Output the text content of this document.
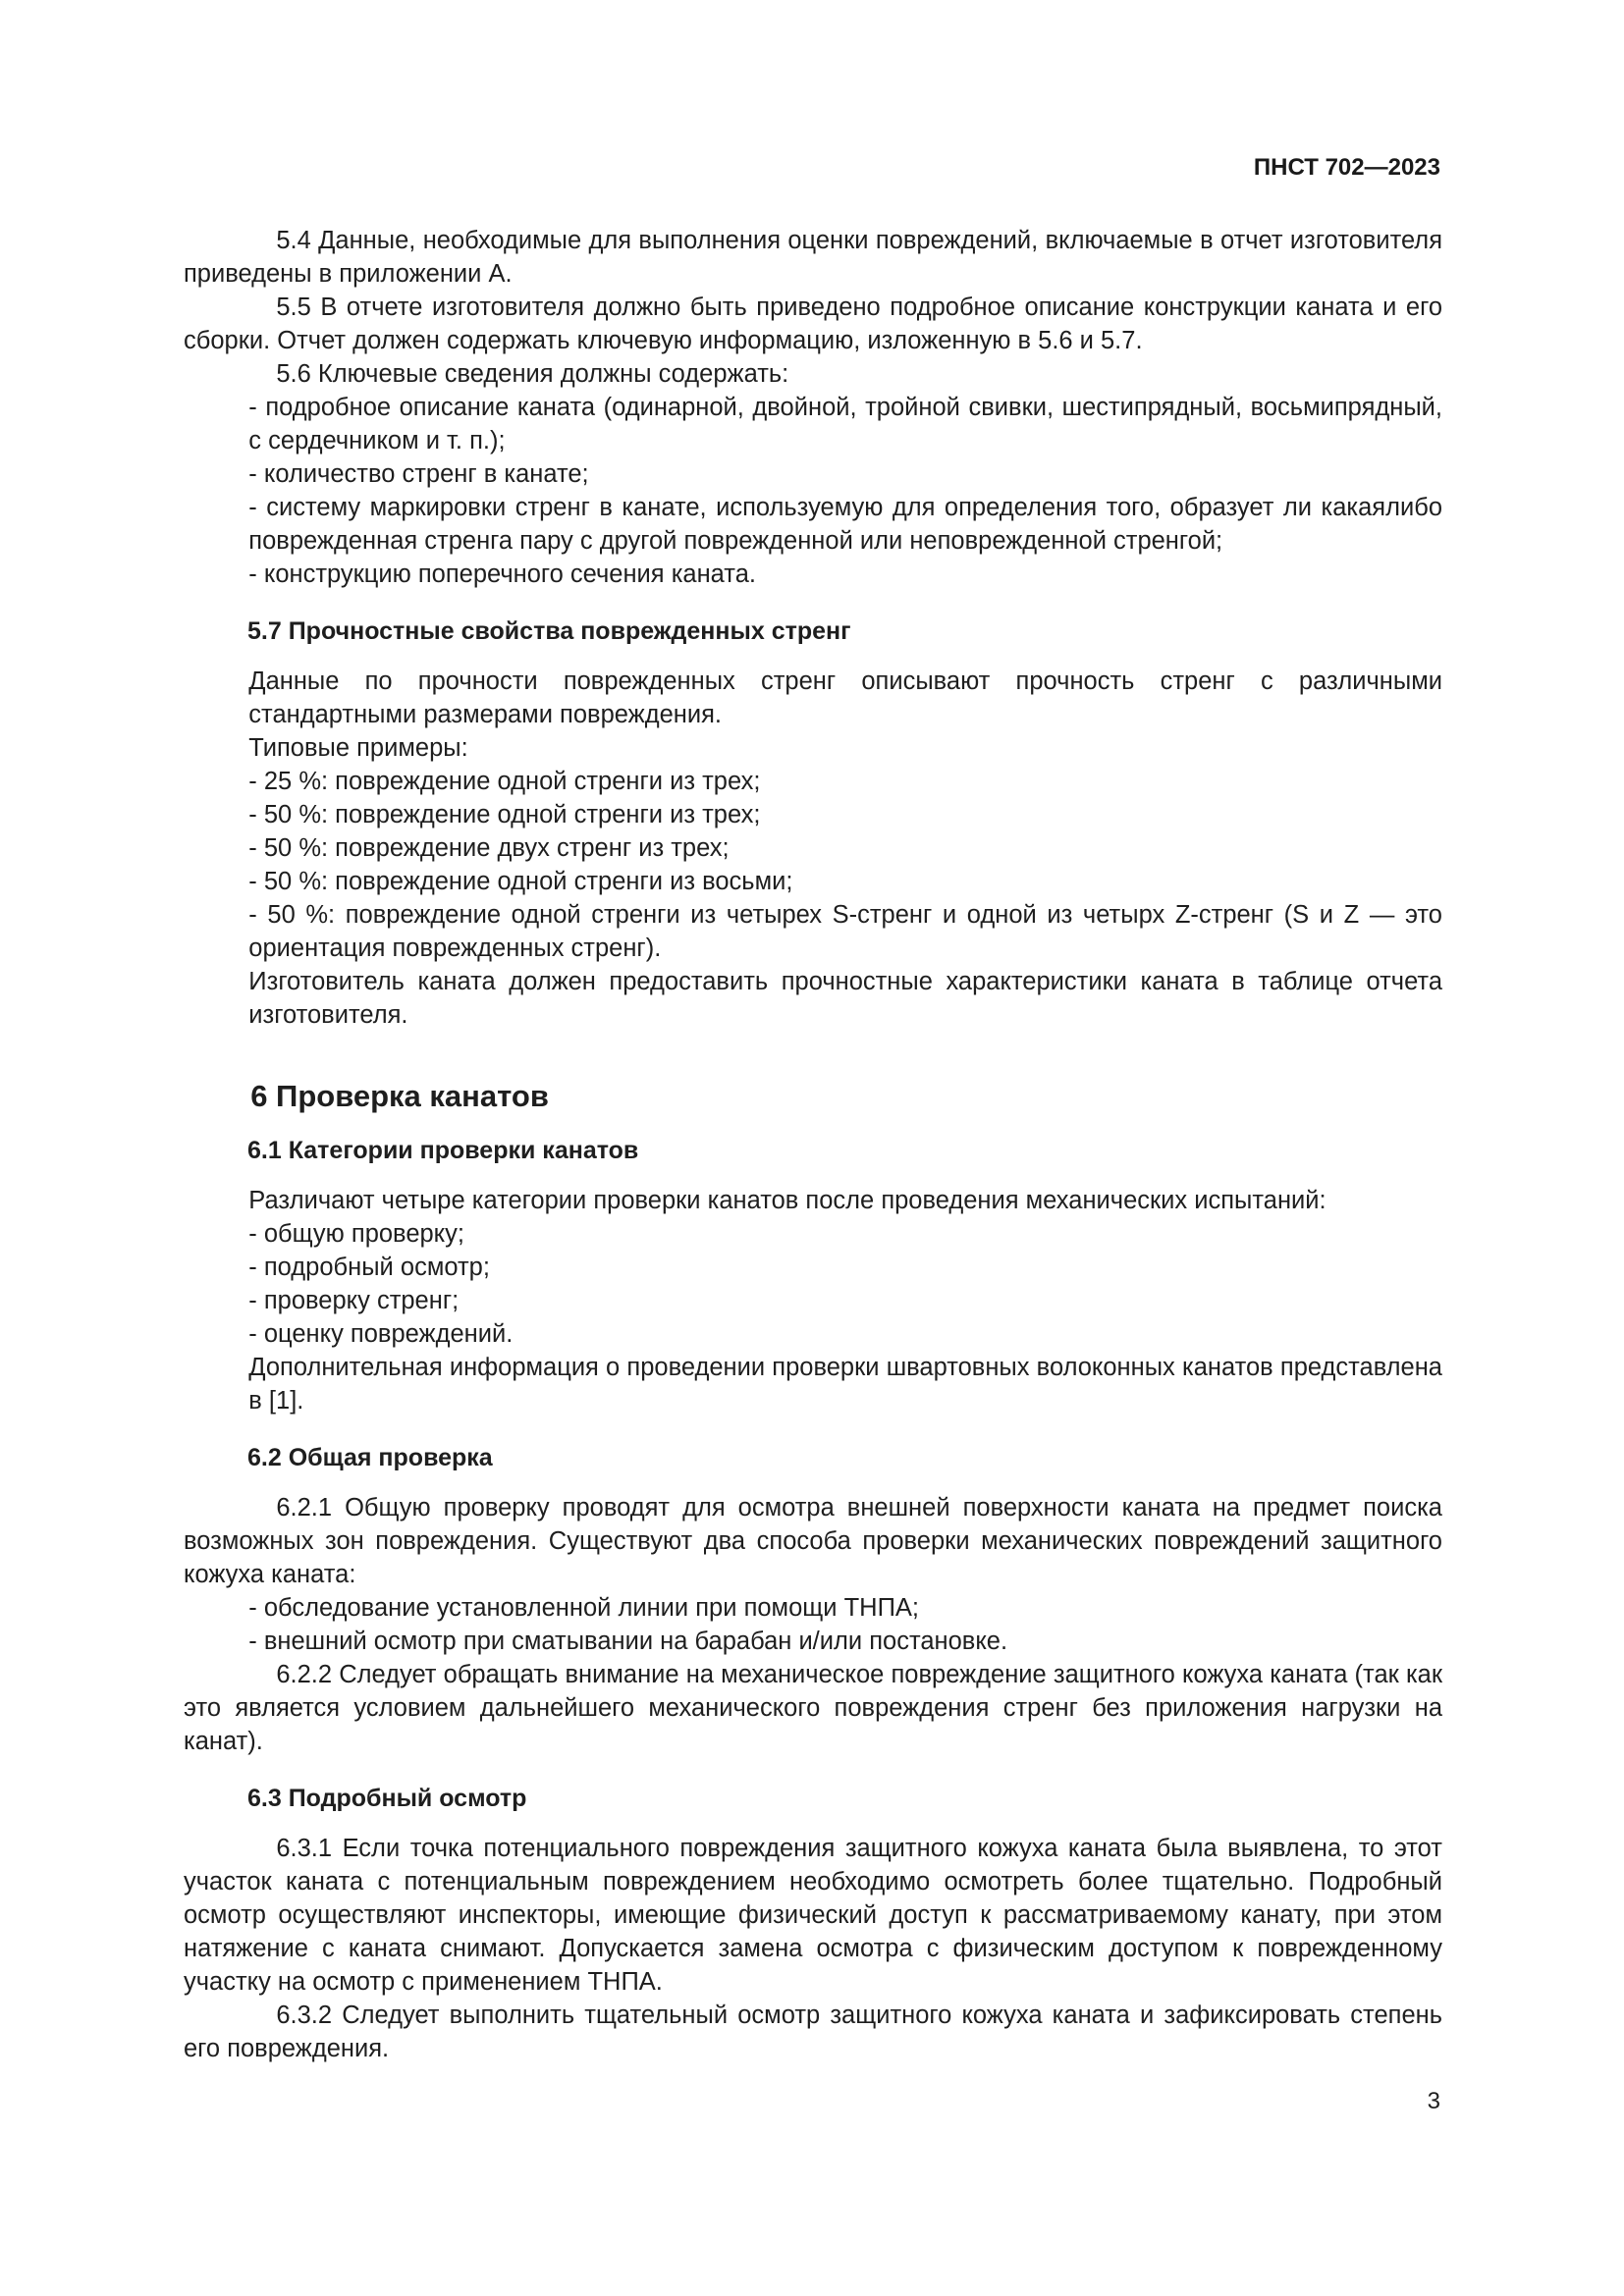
ПНСТ 702—2023

5.4 Данные, необходимые для выполнения оценки повреждений, включаемые в отчет изготовителя приведены в приложении А.

5.5 В отчете изготовителя должно быть приведено подробное описание конструкции каната и его сборки. Отчет должен содержать ключевую информацию, изложенную в 5.6 и 5.7.

5.6 Ключевые сведения должны содержать:

- подробное описание каната (одинарной, двойной, тройной свивки, шестипрядный, восьмипрядный, с сердечником и т. п.);

- количество стренг в канате;

- систему маркировки стренг в канате, используемую для определения того, образует ли какаялибо поврежденная стренга пару с другой поврежденной или неповрежденной стренгой;

- конструкцию поперечного сечения каната.

5.7 Прочностные свойства поврежденных стренг

Данные по прочности поврежденных стренг описывают прочность стренг с различными стандартными размерами повреждения.

Типовые примеры:

- 25 %: повреждение одной стренги из трех;

- 50 %: повреждение одной стренги из трех;

- 50 %: повреждение двух стренг из трех;

- 50 %: повреждение одной стренги из восьми;

- 50 %: повреждение одной стренги из четырех S-стренг и одной из четырх Z-стренг (S и Z — это ориентация поврежденных стренг).

Изготовитель каната должен предоставить прочностные характеристики каната в таблице отчета изготовителя.

6 Проверка канатов
6.1 Категории проверки канатов

Различают четыре категории проверки канатов после проведения механических испытаний:

- общую проверку;

- подробный осмотр;

- проверку стренг;

- оценку повреждений.

Дополнительная информация о проведении проверки швартовных волоконных канатов представлена в [1].

6.2 Общая проверка

6.2.1 Общую проверку проводят для осмотра внешней поверхности каната на предмет поиска возможных зон повреждения. Существуют два способа проверки механических повреждений защитного кожуха каната:

- обследование установленной линии при помощи ТНПА;

- внешний осмотр при сматывании на барабан и/или постановке.

6.2.2 Следует обращать внимание на механическое повреждение защитного кожуха каната (так как это является условием дальнейшего механического повреждения стренг без приложения нагрузки на канат).

6.3 Подробный осмотр

6.3.1 Если точка потенциального повреждения защитного кожуха каната была выявлена, то этот участок каната с потенциальным повреждением необходимо осмотреть более тщательно. Подробный осмотр осуществляют инспекторы, имеющие физический доступ к рассматриваемому канату, при этом натяжение с каната снимают. Допускается замена осмотра с физическим доступом к поврежденному участку на осмотр с применением ТНПА.

6.3.2 Следует выполнить тщательный осмотр защитного кожуха каната и зафиксировать степень его повреждения.

3
